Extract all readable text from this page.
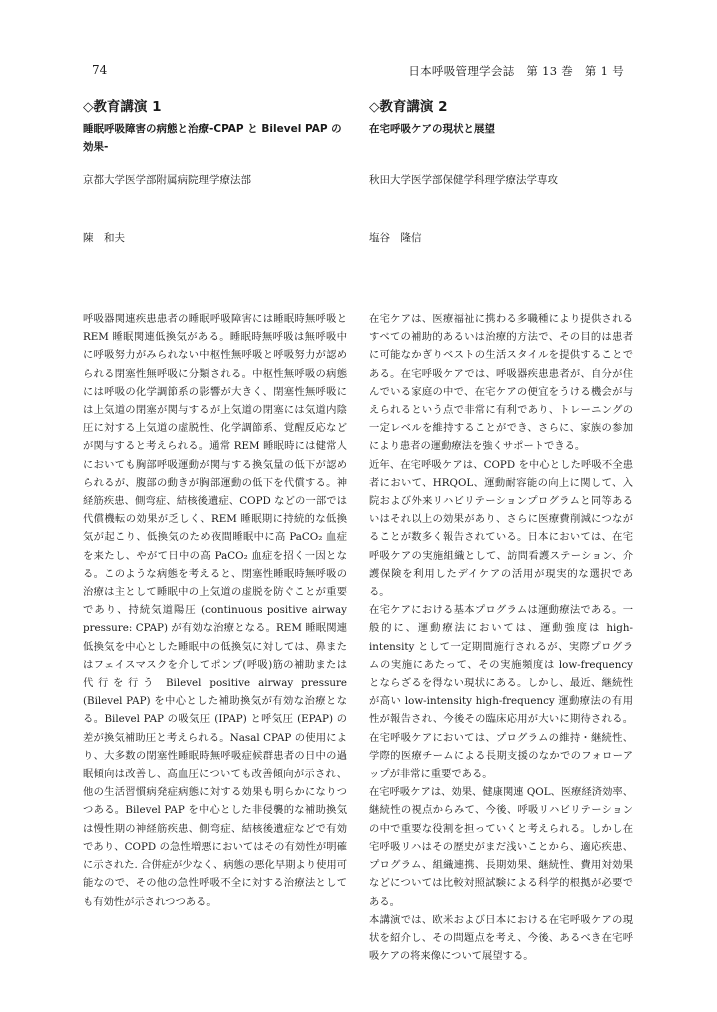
74	日本呼吸管理学会誌　第 13 巻　第 1 号
◇教育講演 1
睡眠呼吸障害の病態と治療-CPAP と Bilevel PAP の効果-
京都大学医学部附属病院理学療法部
陳　和夫

呼吸器関連疾患患者の睡眠呼吸障害には睡眠時無呼吸と REM 睡眠関連低換気がある。睡眠時無呼吸は無呼吸中に呼吸努力がみられない中枢性無呼吸と呼吸努力が認められる閉塞性無呼吸に分類される。中枢性無呼吸の病態には呼吸の化学調節系の影響が大きく、閉塞性無呼吸には上気道の閉塞が関与するが上気道の閉塞には気道内陰圧に対する上気道の虚脱性、化学調節系、覚醒反応などが関与すると考えられる。通常 REM 睡眠時には健常人においても胸部呼吸運動が関与する換気量の低下が認められるが、腹部の動きが胸部運動の低下を代償する。神経筋疾患、側弯症、結核後遺症、COPD などの一部では代償機転の効果が乏しく、REM 睡眠期に持続的な低換気が起こり、低換気のため夜間睡眠中に高 PaCO₂ 血症を来たし、やがて日中の高 PaCO₂ 血症を招く一因となる。このような病態を考えると、閉塞性睡眠時無呼吸の治療は主として睡眠中の上気道の虚脱を防ぐことが重要であり、持続気道陽圧 (continuous positive airway pressure: CPAP) が有効な治療となる。REM 睡眠関連低換気を中心とした睡眠中の低換気に対しては、鼻またはフェイスマスクを介してポンプ(呼吸)筋の補助または代行を行う Bilevel positive airway pressure (Bilevel PAP) を中心とした補助換気が有効な治療となる。Bilevel PAP の吸気圧 (IPAP) と呼気圧 (EPAP) の差が換気補助圧と考えられる。Nasal CPAP の使用により、大多数の閉塞性睡眠時無呼吸症候群患者の日中の過眠傾向は改善し、高血圧についても改善傾向が示され、他の生活習慣病発症病態に対する効果も明らかになりつつある。Bilevel PAP を中心とした非侵襲的な補助換気は慢性期の神経筋疾患、側弯症、結核後遺症などで有効であり、COPD の急性増悪においてはその有効性が明確に示された. 合併症が少なく、病態の悪化早期より使用可能なので、その他の急性呼吸不全に対する治療法としても有効性が示されつつある。

◇教育講演 2
在宅呼吸ケアの現状と展望
秋田大学医学部保健学科理学療法学専攻
塩谷　隆信

在宅ケアは、医療福祉に携わる多職種により提供されるすべての補助的あるいは治療的方法で、その目的は患者に可能なかぎりベストの生活スタイルを提供することである。在宅呼吸ケアでは、呼吸器疾患患者が、自分が住んでいる家庭の中で、在宅ケアの便宜をうける機会が与えられるという点で非常に有利であり、トレーニングの一定レベルを維持することができ、さらに、家族の参加により患者の運動療法を強くサポートできる。

近年、在宅呼吸ケアは、COPD を中心とした呼吸不全患者において、HRQOL、運動耐容能の向上に関して、入院および外来リハビリテーションプログラムと同等あるいはそれ以上の効果があり、さらに医療費削減につながることが数多く報告されている。日本においては、在宅呼吸ケアの実施組織として、訪問看護ステーション、介護保険を利用したデイケアの活用が現実的な選択である。

在宅ケアにおける基本プログラムは運動療法である。一般的に、運動療法においては、運動強度は high-intensity として一定期間施行されるが、実際プログラムの実施にあたって、その実施頻度は low-frequency とならざるを得ない現状にある。しかし、最近、継続性が高い low-intensity high-frequency 運動療法の有用性が報告され、今後その臨床応用が大いに期待される。在宅呼吸ケアにおいては、プログラムの維持・継続性、学際的医療チームによる長期支援のなかでのフォローアップが非常に重要である。

在宅呼吸ケアは、効果、健康関連 QOL、医療経済効率、継続性の視点からみて、今後、呼吸リハビリテーションの中で重要な役割を担っていくと考えられる。しかし在宅呼吸リハはその歴史がまだ浅いことから、適応疾患、プログラム、組織連携、長期効果、継続性、費用対効果などについては比較対照試験による科学的根拠が必要である。

本講演では、欧米および日本における在宅呼吸ケアの現状を紹介し、その問題点を考え、今後、あるべき在宅呼吸ケアの将来像について展望する。
